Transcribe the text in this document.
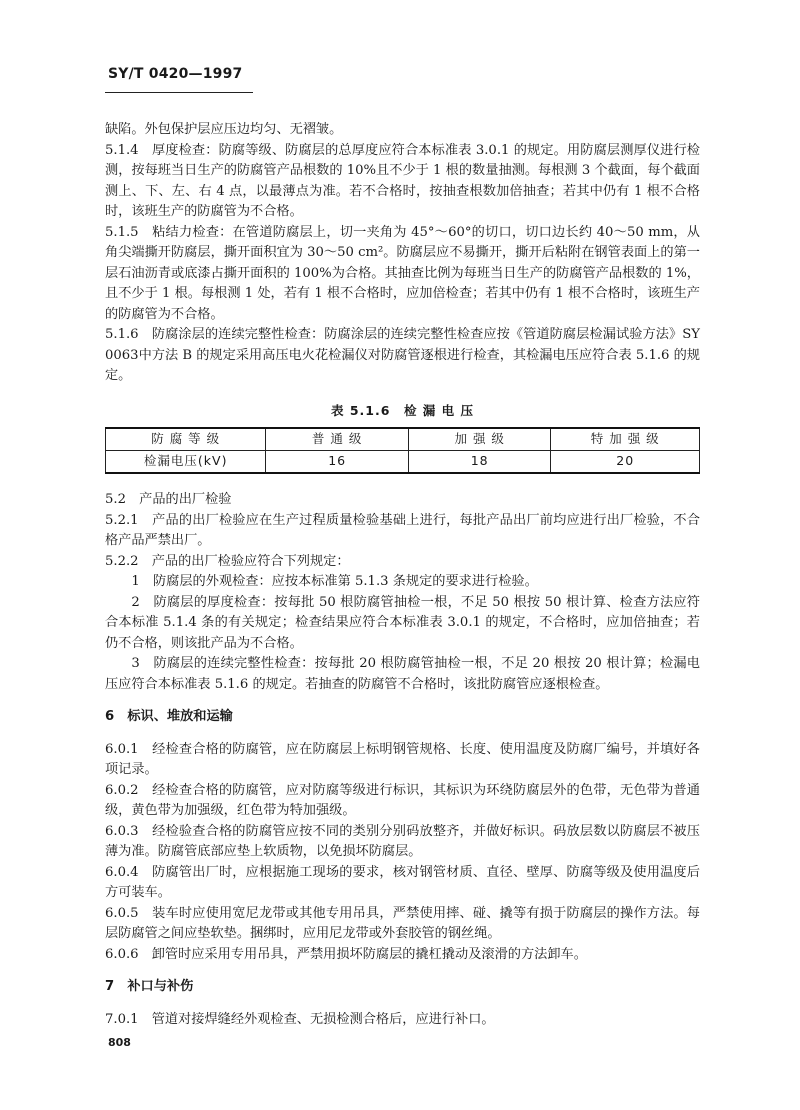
SY/T 0420—1997

缺陷。外包保护层应压边均匀、无褶皱。

5.1.4　厚度检查：防腐等级、防腐层的总厚度应符合本标准表 3.0.1 的规定。用防腐层测厚仪进行检测，按每班当日生产的防腐管产品根数的 10%且不少于 1 根的数量抽测。每根测 3 个截面，每个截面测上、下、左、右 4 点，以最薄点为准。若不合格时，按抽查根数加倍抽查；若其中仍有 1 根不合格时，该班生产的防腐管为不合格。

5.1.5　粘结力检查：在管道防腐层上，切一夹角为 45°～60°的切口，切口边长约 40～50 mm，从角尖端撕开防腐层，撕开面积宜为 30～50 cm²。防腐层应不易撕开，撕开后粘附在钢管表面上的第一层石油沥青或底漆占撕开面积的 100%为合格。其抽查比例为每班当日生产的防腐管产品根数的 1%，且不少于 1 根。每根测 1 处，若有 1 根不合格时，应加倍检查；若其中仍有 1 根不合格时，该班生产的防腐管为不合格。

5.1.6　防腐涂层的连续完整性检查：防腐涂层的连续完整性检查应按《管道防腐层检漏试验方法》SY 0063中方法 B 的规定采用高压电火花检漏仪对防腐管逐根进行检查，其检漏电压应符合表 5.1.6 的规定。

表 5.1.6　检 漏 电 压
防 腐 等 级	普 通 级	加 强 级	特 加 强 级
检漏电压(kV)	16	18	20

5.2　产品的出厂检验

5.2.1　产品的出厂检验应在生产过程质量检验基础上进行，每批产品出厂前均应进行出厂检验，不合格产品严禁出厂。

5.2.2　产品的出厂检验应符合下列规定：

1　防腐层的外观检查：应按本标准第 5.1.3 条规定的要求进行检验。

2　防腐层的厚度检查：按每批 50 根防腐管抽检一根，不足 50 根按 50 根计算、检查方法应符合本标准 5.1.4 条的有关规定；检查结果应符合本标准表 3.0.1 的规定，不合格时，应加倍抽查；若仍不合格，则该批产品为不合格。

3　防腐层的连续完整性检查：按每批 20 根防腐管抽检一根，不足 20 根按 20 根计算；检漏电压应符合本标准表 5.1.6 的规定。若抽查的防腐管不合格时，该批防腐管应逐根检查。

6　标识、堆放和运输

6.0.1　经检查合格的防腐管，应在防腐层上标明钢管规格、长度、使用温度及防腐厂编号，并填好各项记录。

6.0.2　经检查合格的防腐管，应对防腐等级进行标识，其标识为环绕防腐层外的色带，无色带为普通级，黄色带为加强级，红色带为特加强级。

6.0.3　经检验查合格的防腐管应按不同的类别分别码放整齐，并做好标识。码放层数以防腐层不被压薄为准。防腐管底部应垫上软质物，以免损坏防腐层。

6.0.4　防腐管出厂时，应根据施工现场的要求，核对钢管材质、直径、壁厚、防腐等级及使用温度后方可装车。

6.0.5　装车时应使用宽尼龙带或其他专用吊具，严禁使用摔、碰、撬等有损于防腐层的操作方法。每层防腐管之间应垫软垫。捆绑时，应用尼龙带或外套胶管的钢丝绳。

6.0.6　卸管时应采用专用吊具，严禁用损坏防腐层的撬杠撬动及滚滑的方法卸车。

7　补口与补伤

7.0.1　管道对接焊缝经外观检查、无损检测合格后，应进行补口。

808
